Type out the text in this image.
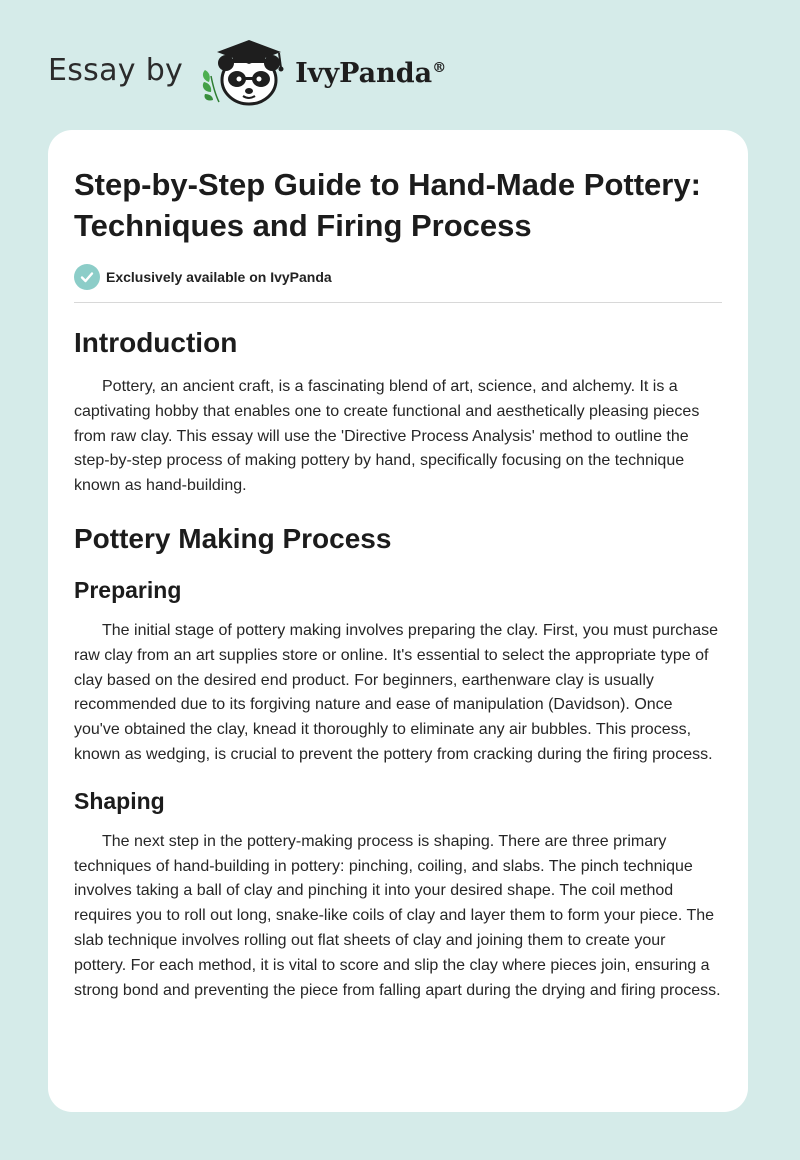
Essay by	IvyPanda®
Step-by-Step Guide to Hand-Made Pottery: Techniques and Firing Process
Exclusively available on IvyPanda
Introduction

Pottery, an ancient craft, is a fascinating blend of art, science, and alchemy. It is a captivating hobby that enables one to create functional and aesthetically pleasing pieces from raw clay. This essay will use the 'Directive Process Analysis' method to outline the step-by-step process of making pottery by hand, specifically focusing on the technique known as hand-building.

Pottery Making Process
Preparing

The initial stage of pottery making involves preparing the clay. First, you must purchase raw clay from an art supplies store or online. It's essential to select the appropriate type of clay based on the desired end product. For beginners, earthenware clay is usually recommended due to its forgiving nature and ease of manipulation (Davidson). Once you've obtained the clay, knead it thoroughly to eliminate any air bubbles. This process, known as wedging, is crucial to prevent the pottery from cracking during the firing process.

Shaping

The next step in the pottery-making process is shaping. There are three primary techniques of hand-building in pottery: pinching, coiling, and slabs. The pinch technique involves taking a ball of clay and pinching it into your desired shape. The coil method requires you to roll out long, snake-like coils of clay and layer them to form your piece. The slab technique involves rolling out flat sheets of clay and joining them to create your pottery. For each method, it is vital to score and slip the clay where pieces join, ensuring a strong bond and preventing the piece from falling apart during the drying and firing process.
